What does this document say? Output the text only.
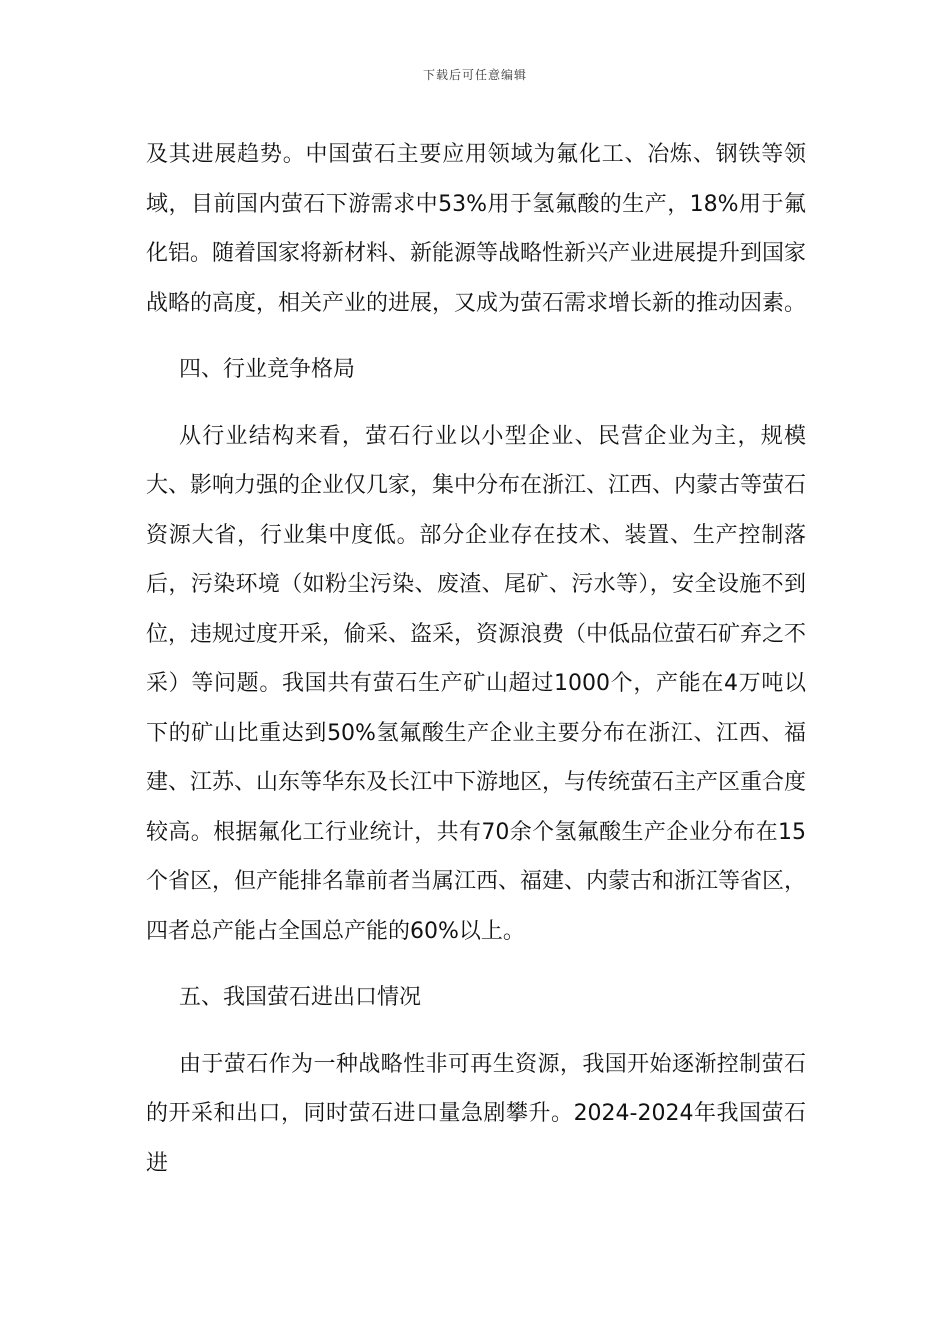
下载后可任意编辑

及其进展趋势。中国萤石主要应用领域为氟化工、冶炼、钢铁等领域，目前国内萤石下游需求中53%用于氢氟酸的生产，18%用于氟化铝。随着国家将新材料、新能源等战略性新兴产业进展提升到国家战略的高度，相关产业的进展，又成为萤石需求增长新的推动因素。

四、行业竞争格局

从行业结构来看，萤石行业以小型企业、民营企业为主，规模大、影响力强的企业仅几家，集中分布在浙江、江西、内蒙古等萤石资源大省，行业集中度低。部分企业存在技术、装置、生产控制落后，污染环境（如粉尘污染、废渣、尾矿、污水等），安全设施不到位，违规过度开采，偷采、盗采，资源浪费（中低品位萤石矿弃之不采）等问题。我国共有萤石生产矿山超过1000个，产能在4万吨以下的矿山比重达到50%氢氟酸生产企业主要分布在浙江、江西、福建、江苏、山东等华东及长江中下游地区，与传统萤石主产区重合度较高。根据氟化工行业统计，共有70余个氢氟酸生产企业分布在15个省区，但产能排名靠前者当属江西、福建、内蒙古和浙江等省区，四者总产能占全国总产能的60%以上。

五、我国萤石进出口情况

由于萤石作为一种战略性非可再生资源，我国开始逐渐控制萤石的开采和出口，同时萤石进口量急剧攀升。2024-2024年我国萤石进
